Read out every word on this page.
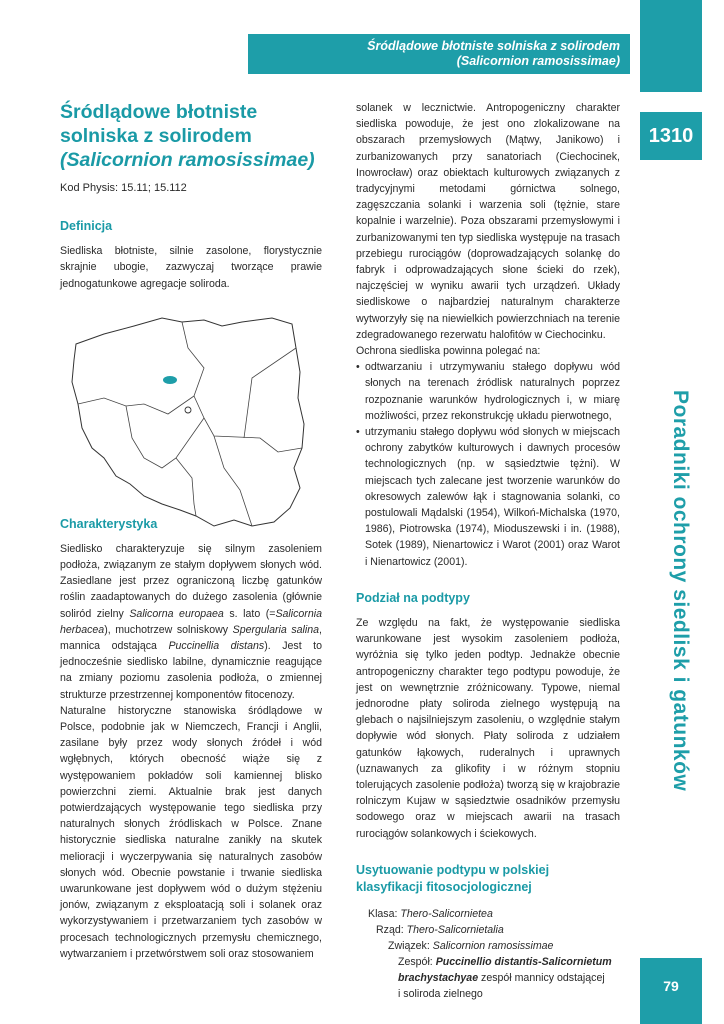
Śródlądowe błotniste solniska z solirodem
(Salicornion ramosissimae)
1310
Poradniki ochrony siedlisk i gatunków
79
Śródlądowe błotniste
solniska z solirodem
(Salicornion ramosissimae)
Kod Physis: 15.11; 15.112
Definicja

Siedliska błotniste, silnie zasolone, florystycznie skrajnie ubogie, zazwyczaj tworzące prawie jednogatunkowe agregacje soliroda.

Charakterystyka

Siedlisko charakteryzuje się silnym zasoleniem podłoża, związanym ze stałym dopływem słonych wód. Zasiedlane jest przez ograniczoną liczbę gatunków roślin zaadaptowanych do dużego zasolenia (głównie soliród zielny Salicorna europaea s. lato (=Salicornia herbacea), muchotrzew solniskowy Spergularia salina, mannica odstająca Puccinellia distans). Jest to jednocześnie siedlisko labilne, dynamicznie reagujące na zmiany poziomu zasolenia podłoża, o zmiennej strukturze przestrzennej komponentów fitocenozy.

Naturalne historyczne stanowiska śródlądowe w Polsce, podobnie jak w Niemczech, Francji i Anglii, zasilane były przez wody słonych źródeł i wód wgłębnych, których obecność wiąże się z występowaniem pokładów soli kamiennej blisko powierzchni ziemi. Aktualnie brak jest danych potwierdzających występowanie tego siedliska przy naturalnych słonych źródliskach w Polsce. Znane historycznie siedliska naturalne zanikły na skutek melioracji i wyczerpywania się naturalnych zasobów słonych wód. Obecnie powstanie i trwanie siedliska uwarunkowane jest dopływem wód o dużym stężeniu jonów, związanym z eksploatacją soli i solanek oraz wykorzystywaniem i przetwarzaniem tych zasobów w procesach technologicznych przemysłu chemicznego, wytwarzaniem i przetwórstwem soli oraz stosowaniem

solanek w lecznictwie. Antropogeniczny charakter siedliska powoduje, że jest ono zlokalizowane na obszarach przemysłowych (Mątwy, Janikowo) i zurbanizowanych przy sanatoriach (Ciechocinek, Inowrocław) oraz obiektach kulturowych związanych z tradycyjnymi metodami górnictwa solnego, zagęszczania solanki i warzenia soli (tężnie, stare kopalnie i warzelnie). Poza obszarami przemysłowymi i zurbanizowanymi ten typ siedliska występuje na trasach przebiegu rurociągów (doprowadzających solankę do fabryk i odprowadzających słone ścieki do rzek), najczęściej w wyniku awarii tych urządzeń. Układy siedliskowe o najbardziej naturalnym charakterze wytworzyły się na niewielkich powierzchniach na terenie zdegradowanego rezerwatu halofitów w Ciechocinku.

Ochrona siedliska powinna polegać na:

• odtwarzaniu i utrzymywaniu stałego dopływu wód słonych na terenach źródlisk naturalnych poprzez rozpoznanie warunków hydrologicznych i, w miarę możliwości, przez rekonstrukcję układu pierwotnego,
• utrzymaniu stałego dopływu wód słonych w miejscach ochrony zabytków kulturowych i dawnych procesów technologicznych (np. w sąsiedztwie tężni). W miejscach tych zalecane jest tworzenie warunków do okresowych zalewów łąk i stagnowania solanki, co postulowali Mądalski (1954), Wilkoń-Michalska (1970, 1986), Piotrowska (1974), Mioduszewski i in. (1988), Sotek (1989), Nienartowicz i Warot (2001) oraz Warot i Nienartowicz (2001).
Podział na podtypy

Ze względu na fakt, że występowanie siedliska warunkowane jest wysokim zasoleniem podłoża, wyróżnia się tylko jeden podtyp. Jednakże obecnie antropogeniczny charakter tego podtypu powoduje, że jest on wewnętrznie zróżnicowany. Typowe, niemal jednorodne płaty soliroda zielnego występują na glebach o najsilniejszym zasoleniu, o względnie stałym dopływie wód słonych. Płaty soliroda z udziałem gatunków łąkowych, ruderalnych i uprawnych (uznawanych za glikofity i w różnym stopniu tolerujących zasolenie podłoża) tworzą się w krajobrazie rolniczym Kujaw w sąsiedztwie osadników przemysłu sodowego oraz w miejscach awarii na trasach rurociągów solankowych i ściekowych.

Usytuowanie podtypu w polskiej
klasyfikacji fitosocjologicznej
Klasa: Thero-Salicornietea
Rząd: Thero-Salicornietalia
Związek: Salicornion ramosissimae
Zespół: Puccinellio distantis-Salicornietum
brachystachyae zespół mannicy odstającej
i soliroda zielnego
